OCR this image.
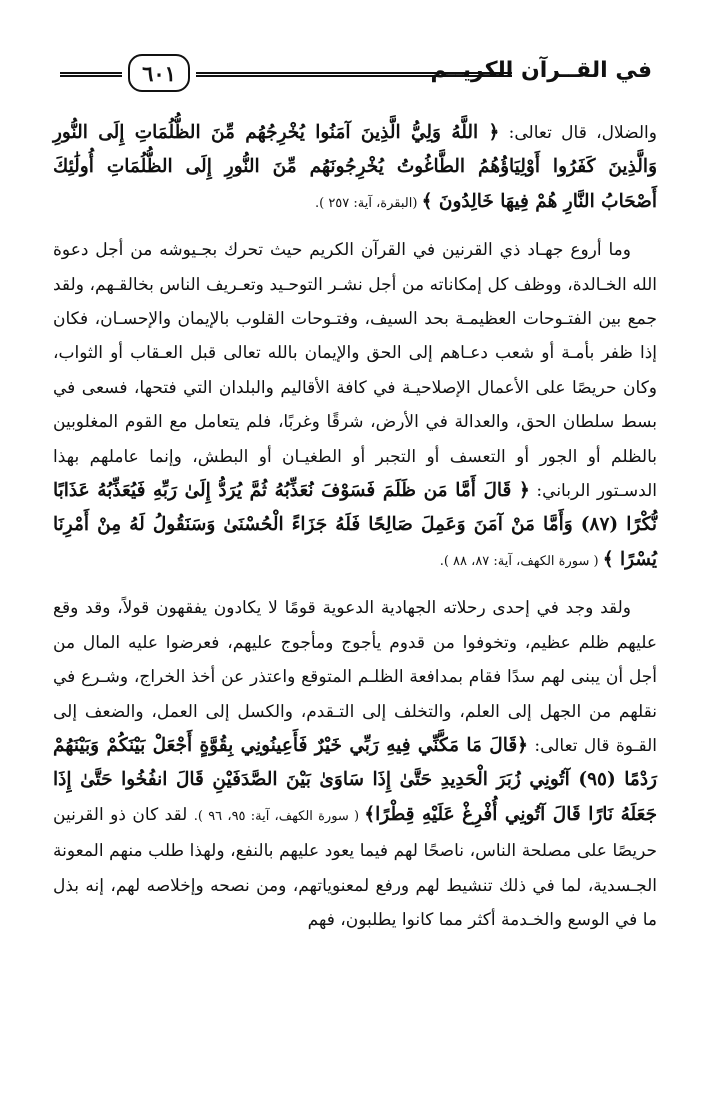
٦٠١	في القــرآن الكريــم

والضلال، قال تعالى: ﴿ اللَّهُ وَلِيُّ الَّذِينَ آمَنُوا يُخْرِجُهُم مِّنَ الظُّلُمَاتِ إِلَى النُّورِ وَالَّذِينَ كَفَرُوا أَوْلِيَاؤُهُمُ الطَّاغُوتُ يُخْرِجُونَهُم مِّنَ النُّورِ إِلَى الظُّلُمَاتِ أُولَٰئِكَ أَصْحَابُ النَّارِ هُمْ فِيهَا خَالِدُونَ ﴾ (البقرة، آية: ٢٥٧ ).

وما أروع جهـاد ذي القرنين في القرآن الكريم حيث تحرك بجـيوشه من أجل دعوة الله الخـالدة، ووظف كل إمكاناته من أجل نشـر التوحـيد وتعـريف الناس بخالقـهم، ولقد جمع بين الفتـوحات العظيمـة بحد السيف، وفتـوحات القلوب بالإيمان والإحسـان، فكان إذا ظفر بأمـة أو شعب دعـاهم إلى الحق والإيمان بالله تعالى قبل العـقاب أو الثواب، وكان حريصًا على الأعمال الإصلاحيـة في كافة الأقاليم والبلدان التي فتحها، فسعى في بسط سلطان الحق، والعدالة في الأرض، شرقًا وغربًا، فلم يتعامل مع القوم المغلوبين بالظلم أو الجور أو التعسف أو التجبر أو الطغيـان أو البطش، وإنما عاملهم بهذا الدسـتور الرباني: ﴿ قَالَ أَمَّا مَن ظَلَمَ فَسَوْفَ نُعَذِّبُهُ ثُمَّ يُرَدُّ إِلَىٰ رَبِّهِ فَيُعَذِّبُهُ عَذَابًا نُّكْرًا (٨٧) وَأَمَّا مَنْ آمَنَ وَعَمِلَ صَالِحًا فَلَهُ جَزَاءً الْحُسْنَىٰ وَسَنَقُولُ لَهُ مِنْ أَمْرِنَا يُسْرًا ﴾ ( سورة الكهف، آية: ٨٧، ٨٨ ).

ولقد وجد في إحدى رحلاته الجهادية الدعوية قومًا لا يكادون يفقهون قولاً، وقد وقع عليهم ظلم عظيم، وتخوفوا من قدوم يأجوج ومأجوج عليهم، فعرضوا عليه المال من أجل أن يبنى لهم سدًا فقام بمدافعة الظلـم المتوقع واعتذر عن أخذ الخراج، وشـرع في نقلهم من الجهل إلى العلم، والتخلف إلى التـقدم، والكسل إلى العمل، والضعف إلى القـوة قال تعالى: ﴿قَالَ مَا مَكَّنِّي فِيهِ رَبِّي خَيْرٌ فَأَعِينُونِي بِقُوَّةٍ أَجْعَلْ بَيْنَكُمْ وَبَيْنَهُمْ رَدْمًا (٩٥) آتُونِي زُبَرَ الْحَدِيدِ حَتَّىٰ إِذَا سَاوَىٰ بَيْنَ الصَّدَفَيْنِ قَالَ انفُخُوا حَتَّىٰ إِذَا جَعَلَهُ نَارًا قَالَ آتُونِي أُفْرِغْ عَلَيْهِ قِطْرًا﴾ ( سورة الكهف، آية: ٩٥، ٩٦ ). لقد كان ذو القرنين حريصًا على مصلحة الناس، ناصحًا لهم فيما يعود عليهم بالنفع، ولهذا طلب منهم المعونة الجـسدية، لما في ذلك تنشيط لهم ورفع لمعنوياتهم، ومن نصحه وإخلاصه لهم، إنه بذل ما في الوسع والخـدمة أكثر مما كانوا يطلبون، فهم
